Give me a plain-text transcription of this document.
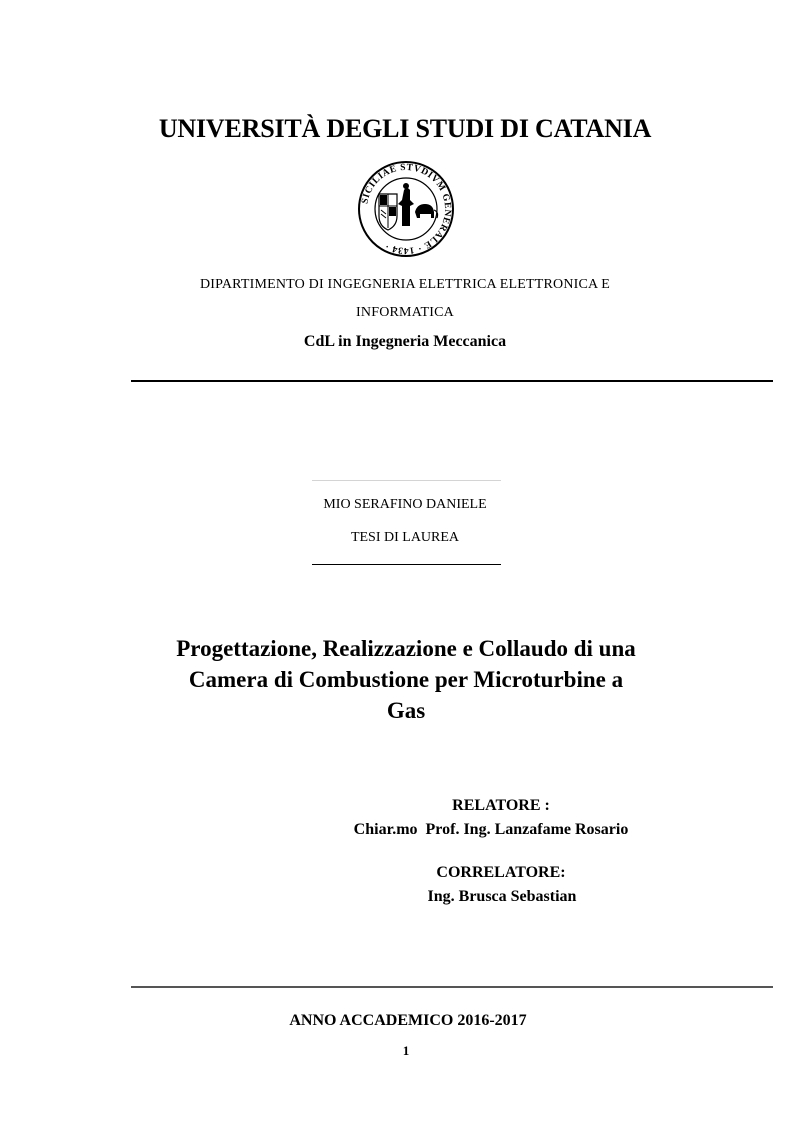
UNIVERSITÀ DEGLI STUDI DI CATANIA
SICILIAE STVDIVM GENERALE · 1434 ·
DIPARTIMENTO DI INGEGNERIA ELETTRICA ELETTRONICA E
INFORMATICA
CdL in Ingegneria Meccanica
MIO SERAFINO DANIELE
TESI DI LAUREA
Progettazione, Realizzazione e Collaudo di una
Camera di Combustione per Microturbine a
Gas
RELATORE :
Chiar.mo  Prof. Ing. Lanzafame Rosario
CORRELATORE:
Ing. Brusca Sebastian
ANNO ACCADEMICO 2016-2017
1
